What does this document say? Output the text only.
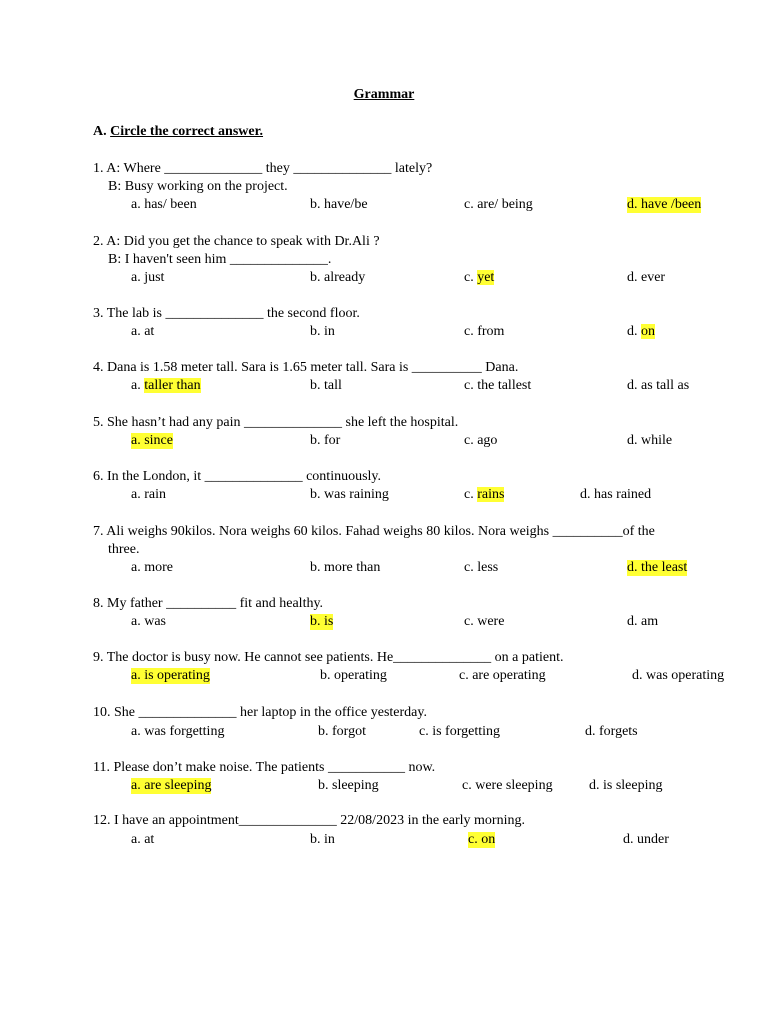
Grammar
A. Circle the correct answer.
1. A: Where ______________ they ______________ lately?
B: Busy working on the project.
a. has/ been	b. have/be	c. are/ being	d. have /been
2. A: Did you get the chance to speak with Dr.Ali ?
B: I haven't seen him ______________.
a. just	b. already	c. yet	d. ever
3. The lab is ______________ the second floor.
a. at	b. in	c. from	d. on
4. Dana is 1.58 meter tall. Sara is 1.65 meter tall. Sara is __________ Dana.
a. taller than	b. tall	c. the tallest	d. as tall as
5. She hasn’t had any pain ______________ she left the hospital.
a. since	b. for	c. ago	d. while
6. In the London, it ______________ continuously.
a. rain	b. was raining	c. rains	d. has rained
7. Ali weighs 90kilos. Nora weighs 60 kilos. Fahad weighs 80 kilos. Nora weighs __________of the
three.
a. more	b. more than	c. less	d. the least
8. My father __________ fit and healthy.
a. was	b. is	c. were	d. am
9. The doctor is busy now. He cannot see patients. He______________ on a patient.
a. is operating	b. operating	c. are operating	d. was operating
10. She ______________ her laptop in the office yesterday.
a. was forgetting	b. forgot	c. is forgetting	d. forgets
11. Please don’t make noise. The patients ___________ now.
a. are sleeping	b. sleeping	c. were sleeping	d. is sleeping
12. I have an appointment______________ 22/08/2023 in the early morning.
a. at	b. in	c. on	d. under
